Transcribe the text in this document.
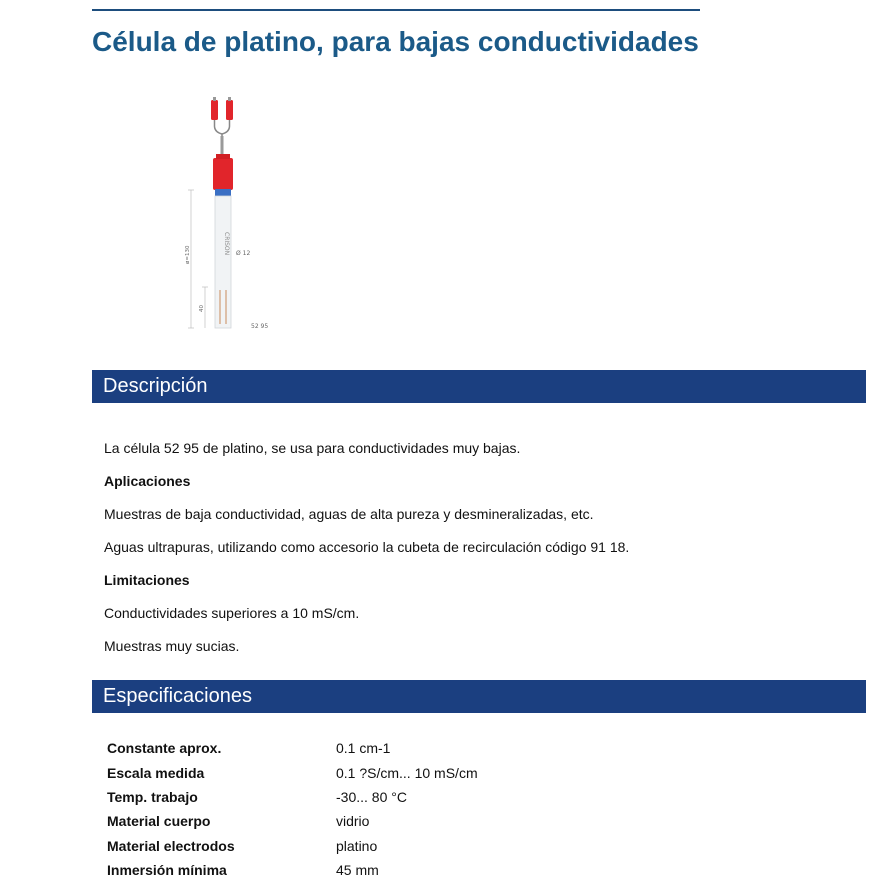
Célula de platino, para bajas conductividades
CRISON
ø=130
40
Ø 12
52 95
Descripción

La célula 52 95 de platino, se usa para conductividades muy bajas.

Aplicaciones

Muestras de baja conductividad, aguas de alta pureza y desmineralizadas, etc.

Aguas ultrapuras, utilizando como accesorio la cubeta de recirculación código 91 18.

Limitaciones

Conductividades superiores a 10 mS/cm.

Muestras muy sucias.

Especificaciones
Constante aprox.	0.1 cm-1
Escala medida	0.1 ?S/cm... 10 mS/cm
Temp. trabajo	-30... 80 °C
Material cuerpo	vidrio
Material electrodos	platino
Inmersión mínima	45 mm
